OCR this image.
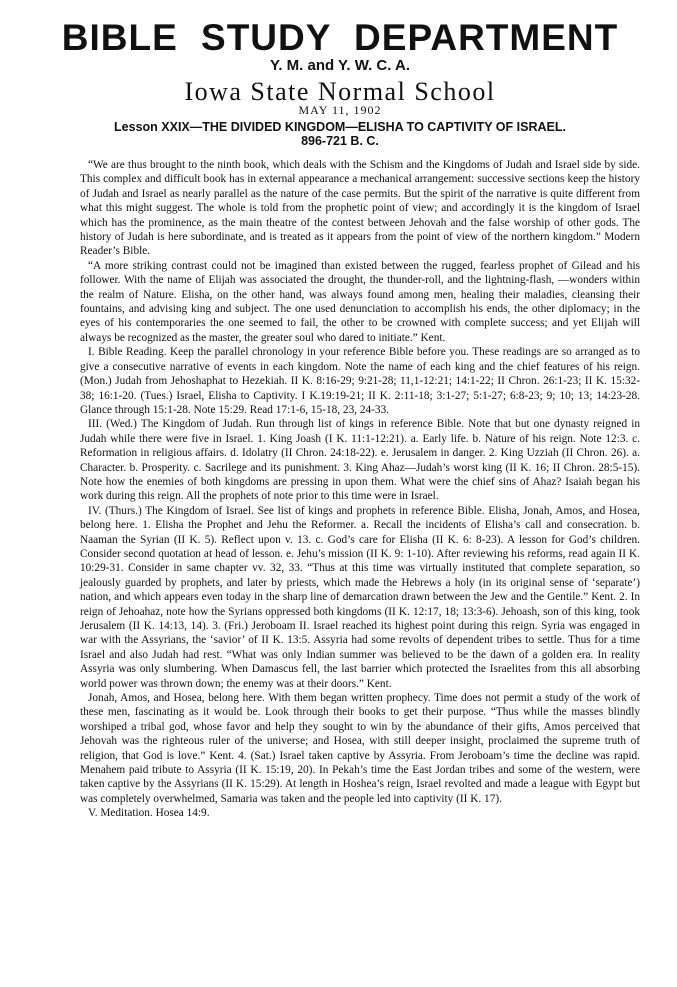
BIBLE STUDY DEPARTMENT
Y. M. and Y. W. C. A.
Iowa State Normal School
MAY 11, 1902
Lesson XXIX—THE DIVIDED KINGDOM—ELISHA TO CAPTIVITY OF ISRAEL.
896-721 B. C.

“We are thus brought to the ninth book, which deals with the Schism and the Kingdoms of Judah and Israel side by side. This complex and difficult book has in external appearance a mechanical arrangement: successive sections keep the history of Judah and Israel as nearly parallel as the nature of the case permits. But the spirit of the narrative is quite different from what this might suggest. The whole is told from the prophetic point of view; and accordingly it is the kingdom of Israel which has the prominence, as the main theatre of the contest between Jehovah and the false worship of other gods. The history of Judah is here subordinate, and is treated as it appears from the point of view of the northern kingdom.” Modern Reader’s Bible.

“A more striking contrast could not be imagined than existed between the rugged, fearless prophet of Gilead and his follower. With the name of Elijah was associated the drought, the thunder-roll, and the lightning-flash, —wonders within the realm of Nature. Elisha, on the other hand, was always found among men, healing their maladies, cleansing their fountains, and advising king and subject. The one used denunciation to accomplish his ends, the other diplomacy; in the eyes of his contemporaries the one seemed to fail, the other to be crowned with complete success; and yet Elijah will always be recognized as the master, the greater soul who dared to initiate.” Kent.

I. Bible Reading. Keep the parallel chronology in your reference Bible before you. These readings are so arranged as to give a consecutive narrative of events in each kingdom. Note the name of each king and the chief features of his reign. (Mon.) Judah from Jehoshaphat to Hezekiah. II K. 8:16-29; 9:21-28; 11,1-12:21; 14:1-22; II Chron. 26:1-23; II K. 15:32-38; 16:1-20. (Tues.) Israel, Elisha to Captivity. I K.19:19-21; II K. 2:11-18; 3:1-27; 5:1-27; 6:8-23; 9; 10; 13; 14:23-28. Glance through 15:1-28. Note 15:29. Read 17:1-6, 15-18, 23, 24-33.

III. (Wed.) The Kingdom of Judah. Run through list of kings in reference Bible. Note that but one dynasty reigned in Judah while there were five in Israel. 1. King Joash (I K. 11:1-12:21). a. Early life. b. Nature of his reign. Note 12:3. c. Reformation in religious affairs. d. Idolatry (II Chron. 24:18-22). e. Jerusalem in danger. 2. King Uzziah (II Chron. 26). a. Character. b. Prosperity. c. Sacrilege and its punishment. 3. King Ahaz—Judah’s worst king (II K. 16; II Chron. 28:5-15). Note how the enemies of both kingdoms are pressing in upon them. What were the chief sins of Ahaz? Isaiah began his work during this reign. All the prophets of note prior to this time were in Israel.

IV. (Thurs.) The Kingdom of Israel. See list of kings and prophets in reference Bible. Elisha, Jonah, Amos, and Hosea, belong here. 1. Elisha the Prophet and Jehu the Reformer. a. Recall the incidents of Elisha’s call and consecration. b. Naaman the Syrian (II K. 5). Reflect upon v. 13. c. God’s care for Elisha (II K. 6: 8-23). A lesson for God’s children. Consider second quotation at head of lesson. e. Jehu’s mission (II K. 9: 1-10). After reviewing his reforms, read again II K. 10:29-31. Consider in same chapter vv. 32, 33. “Thus at this time was virtually instituted that complete separation, so jealously guarded by prophets, and later by priests, which made the Hebrews a holy (in its original sense of ‘separate’) nation, and which appears even today in the sharp line of demarcation drawn between the Jew and the Gentile.” Kent. 2. In reign of Jehoahaz, note how the Syrians oppressed both kingdoms (II K. 12:17, 18; 13:3-6). Jehoash, son of this king, took Jerusalem (II K. 14:13, 14). 3. (Fri.) Jeroboam II. Israel reached its highest point during this reign. Syria was engaged in war with the Assyrians, the ‘savior’ of II K. 13:5. Assyria had some revolts of dependent tribes to settle. Thus for a time Israel and also Judah had rest. “What was only Indian summer was believed to be the dawn of a golden era. In reality Assyria was only slumbering. When Damascus fell, the last barrier which protected the Israelites from this all absorbing world power was thrown down; the enemy was at their doors.” Kent.

Jonah, Amos, and Hosea, belong here. With them began written prophecy. Time does not permit a study of the work of these men, fascinating as it would be. Look through their books to get their purpose. “Thus while the masses blindly worshiped a tribal god, whose favor and help they sought to win by the abundance of their gifts, Amos perceived that Jehovah was the righteous ruler of the universe; and Hosea, with still deeper insight, proclaimed the supreme truth of religion, that God is love.” Kent. 4. (Sat.) Israel taken captive by Assyria. From Jeroboam’s time the decline was rapid. Menahem paid tribute to Assyria (II K. 15:19, 20). In Pekah’s time the East Jordan tribes and some of the western, were taken captive by the Assyrians (II K. 15:29). At length in Hoshea’s reign, Israel revolted and made a league with Egypt but was completely overwhelmed, Samaria was taken and the people led into captivity (II K. 17).

V. Meditation. Hosea 14:9.
